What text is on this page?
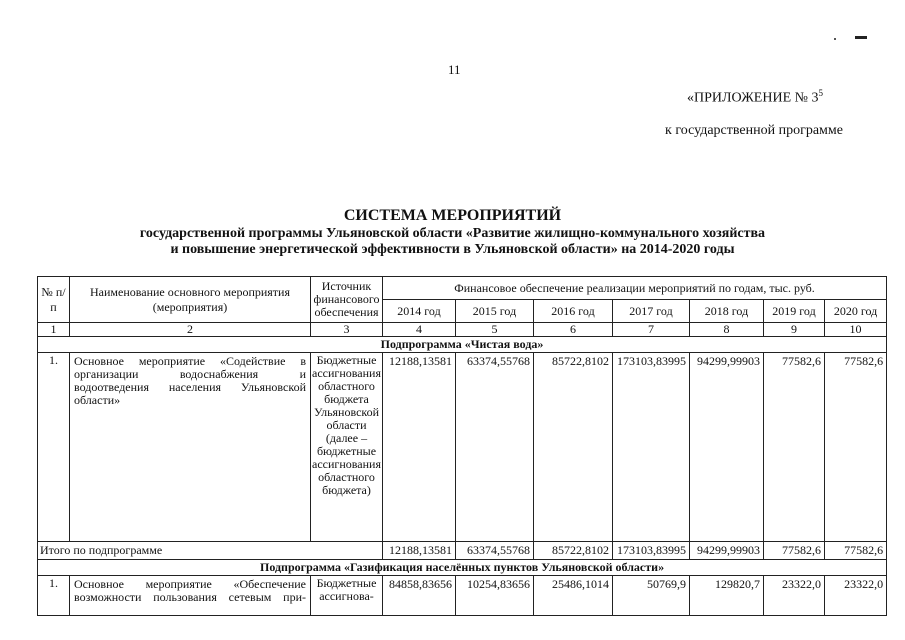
11
«ПРИЛОЖЕНИЕ № $3^5$
к государственной программе
СИСТЕМА МЕРОПРИЯТИЙ
государственной программы Ульяновской области «Развитие жилищно-коммунального хозяйства
и повышение энергетической эффективности в Ульяновской области» на 2014-2020 годы
№ п/п	Наименование основного мероприятия (мероприятия)	Источник финансового обеспечения	Финансовое обеспечение реализации мероприятий по годам, тыс. руб.						
			2014 год	2015 год	2016 год	2017 год	2018 год	2019 год	2020 год
1	2	3	4	5	6	7	8	9	10
Подпрограмма «Чистая вода»									
1.	Основное мероприятие «Содействие в организации водоснабжения и водоотведения населения Ульяновской области»	Бюджетные ассигнования областного бюджета Ульяновской области (далее – бюджетные ассигнования областного бюджета)	12188,13581	63374,55768	85722,8102	173103,83995	94299,99903	77582,6	77582,6
Итого по подпрограмме			12188,13581	63374,55768	85722,8102	173103,83995	94299,99903	77582,6	77582,6
Подпрограмма «Газификация населённых пунктов Ульяновской области»									
1.	Основное мероприятие «Обеспечение возможности пользования сетевым при-	Бюджетные ассигнова-	84858,83656	10254,83656	25486,1014	50769,9	129820,7	23322,0	23322,0
